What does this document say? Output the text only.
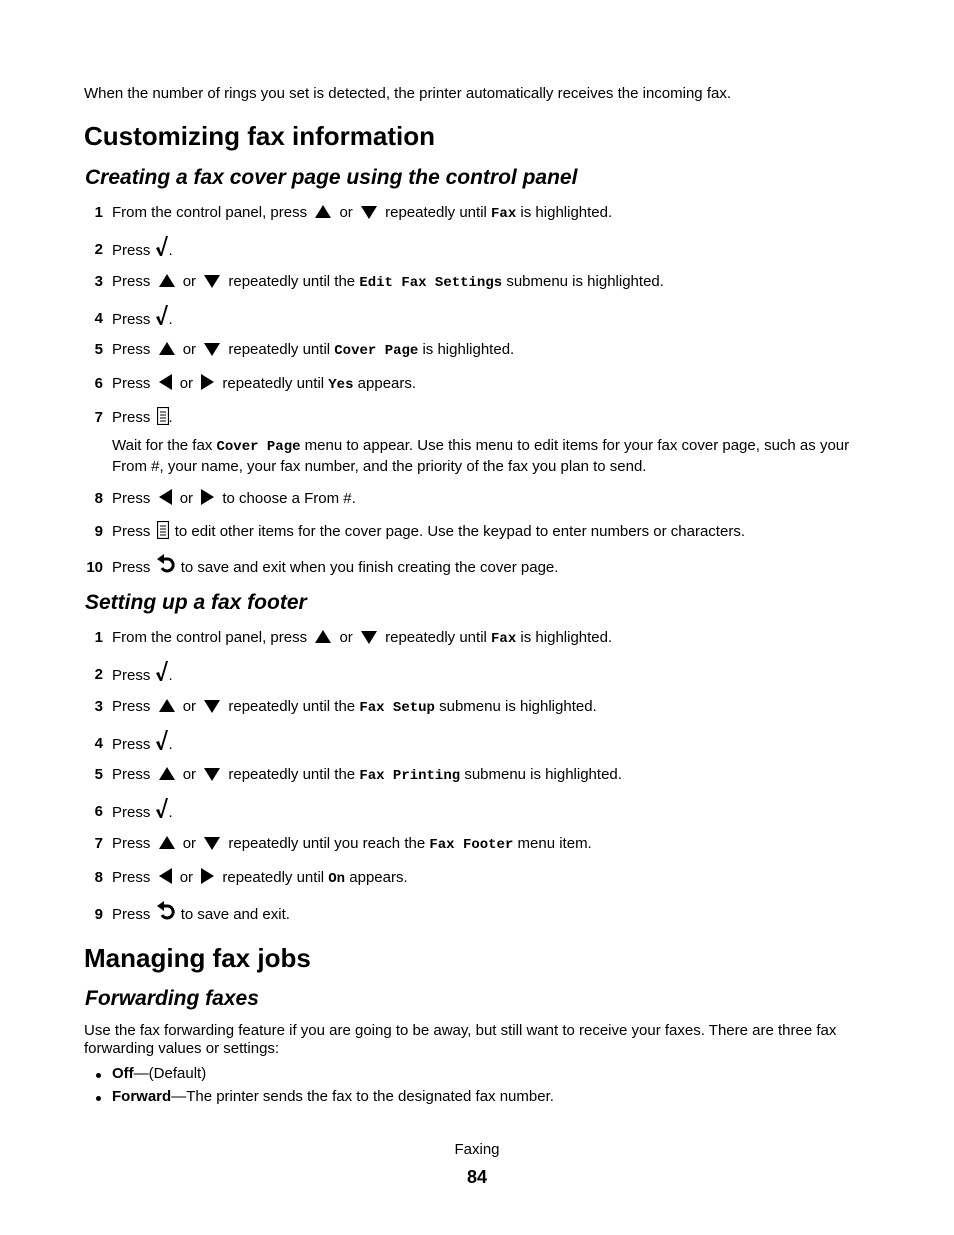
When the number of rings you set is detected, the printer automatically receives the incoming fax.
Customizing fax information
Creating a fax cover page using the control panel
1 From the control panel, press or repeatedly until Fax is highlighted.
2 Press .
3 Press or repeatedly until the Edit Fax Settings submenu is highlighted.
4 Press .
5 Press or repeatedly until Cover Page is highlighted.
6 Press or repeatedly until Yes appears.
7 Press .
Wait for the fax Cover Page menu to appear. Use this menu to edit items for your fax cover page, such as your
From #, your name, your fax number, and the priority of the fax you plan to send.
8 Press or to choose a From #.
9 Press to edit other items for the cover page. Use the keypad to enter numbers or characters.
10 Press to save and exit when you finish creating the cover page.
Setting up a fax footer
1 From the control panel, press or repeatedly until Fax is highlighted.
2 Press .
3 Press or repeatedly until the Fax Setup submenu is highlighted.
4 Press .
5 Press or repeatedly until the Fax Printing submenu is highlighted.
6 Press .
7 Press or repeatedly until you reach the Fax Footer menu item.
8 Press or repeatedly until On appears.
9 Press to save and exit.
Managing fax jobs
Forwarding faxes
Use the fax forwarding feature if you are going to be away, but still want to receive your faxes. There are three fax
forwarding values or settings:
Off—(Default)
Forward—The printer sends the fax to the designated fax number.
Faxing
84
